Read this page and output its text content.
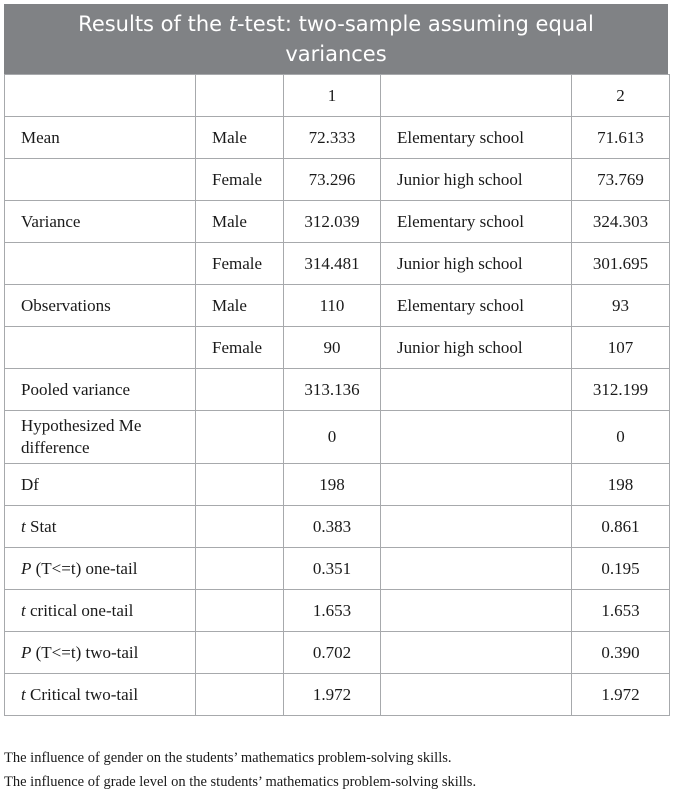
Results of the t-test: two-sample assuming equal variances
		1		2
Mean	Male	72.333	Elementary school	71.613
	Female	73.296	Junior high school	73.769
Variance	Male	312.039	Elementary school	324.303
	Female	314.481	Junior high school	301.695
Observations	Male	110	Elementary school	93
	Female	90	Junior high school	107
Pooled variance		313.136		312.199
Hypothesized Me difference		0		0
Df		198		198
t Stat		0.383		0.861
P (T<=t) one-tail		0.351		0.195
t critical one-tail		1.653		1.653
P (T<=t) two-tail		0.702		0.390
t Critical two-tail		1.972		1.972
The influence of gender on the students’ mathematics problem-solving skills.
The influence of grade level on the students’ mathematics problem-solving skills.
